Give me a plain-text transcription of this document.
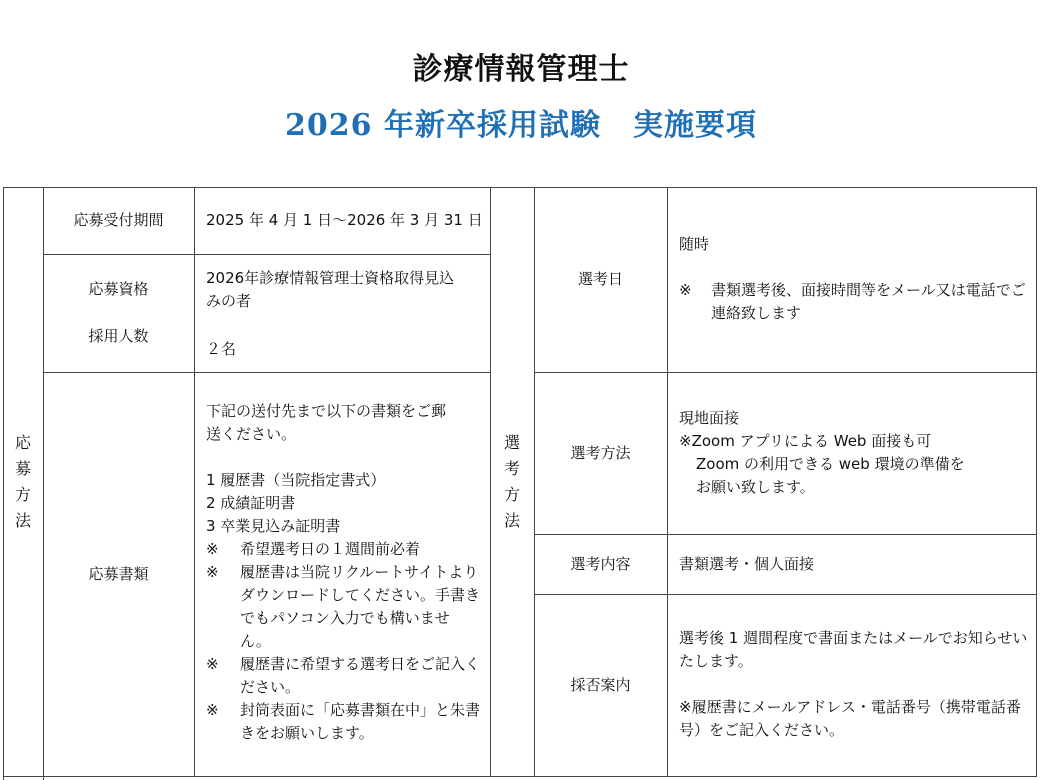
診療情報管理士
2026 年新卒採用試験 実施要項
応
募
方
法
選
考
方
法
応募受付期間	2025 年 4 月 1 日～2026 年 3 月 31 日
応募資格
採用人数
2026年診療情報管理士資格取得見込
みの者
２名
応募書類
下記の送付先まで以下の書類をご郵
送ください。
1 履歴書（当院指定書式）
2 成績証明書
3 卒業見込み証明書
※ 希望選考日の１週間前必着
※ 履歴書は当院リクルートサイトよりダウンロードしてください。手書きでもパソコン入力でも構いません。
※ 履歴書に希望する選考日をご記入ください。
※ 封筒表面に「応募書類在中」と朱書きをお願いします。
選考日
随時
※ 書類選考後、面接時間等をメール又は電話でご連絡致します
選考方法
現地面接
※Zoom アプリによる Web 面接も可
Zoom の利用できる web 環境の準備を
お願い致します。
選考内容	書類選考・個人面接
採否案内
選考後 1 週間程度で書面またはメールでお知らせいたします。
※履歴書にメールアドレス・電話番号（携帯電話番号）をご記入ください。
